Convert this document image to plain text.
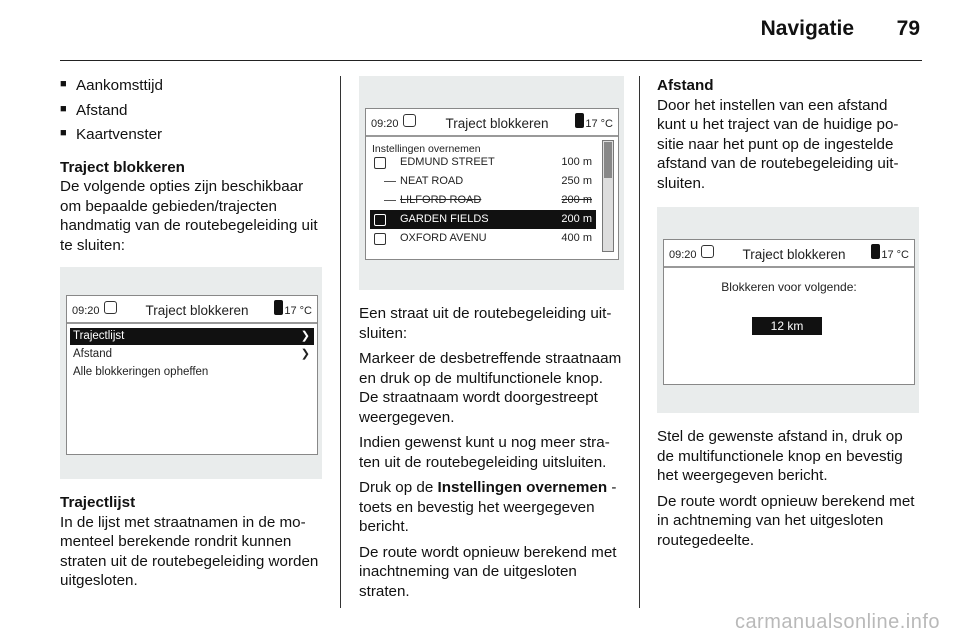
Navigatie 79
■ Aankomsttijd
■ Afstand
■ Kaartvenster
Traject blokkeren

De volgende opties zijn beschikbaar om bepaalde gebieden/trajecten handmatig van de routebegeleiding uit te sluiten:

09:20	Traject blokkeren	17 °C
Trajectlijst	❯
Afstand	❯
Alle blokkeringen opheffen
Trajectlijst

In de lijst met straatnamen in de momenteel berekende rondrit kunnen straten uit de routebegeleiding worden uitgesloten.

09:20	Traject blokkeren	17 °C
Instellingen overnemen
EDMUND STREET	100 m
NEAT ROAD	250 m
LILFORD ROAD	200 m
GARDEN FIELDS	200 m
OXFORD AVENU	400 m

Een straat uit de routebegeleiding uitsluiten:

Markeer de desbetreffende straatnaam en druk op de multifunctionele knop. De straatnaam wordt doorgestreept weergegeven.

Indien gewenst kunt u nog meer straten uit de routebegeleiding uitsluiten.

Druk op de Instellingen overnemen -toets en bevestig het weergegeven bericht.

De route wordt opnieuw berekend met inachtneming van de uitgesloten straten.

Afstand

Door het instellen van een afstand kunt u het traject van de huidige positie naar het punt op de ingestelde afstand van de routebegeleiding uitsluiten.

09:20	Traject blokkeren	17 °C
Blokkeren voor volgende:
12 km

Stel de gewenste afstand in, druk op de multifunctionele knop en bevestig het weergegeven bericht.

De route wordt opnieuw berekend met in achtneming van het uitgesloten routegedeelte.

carmanualsonline.info
